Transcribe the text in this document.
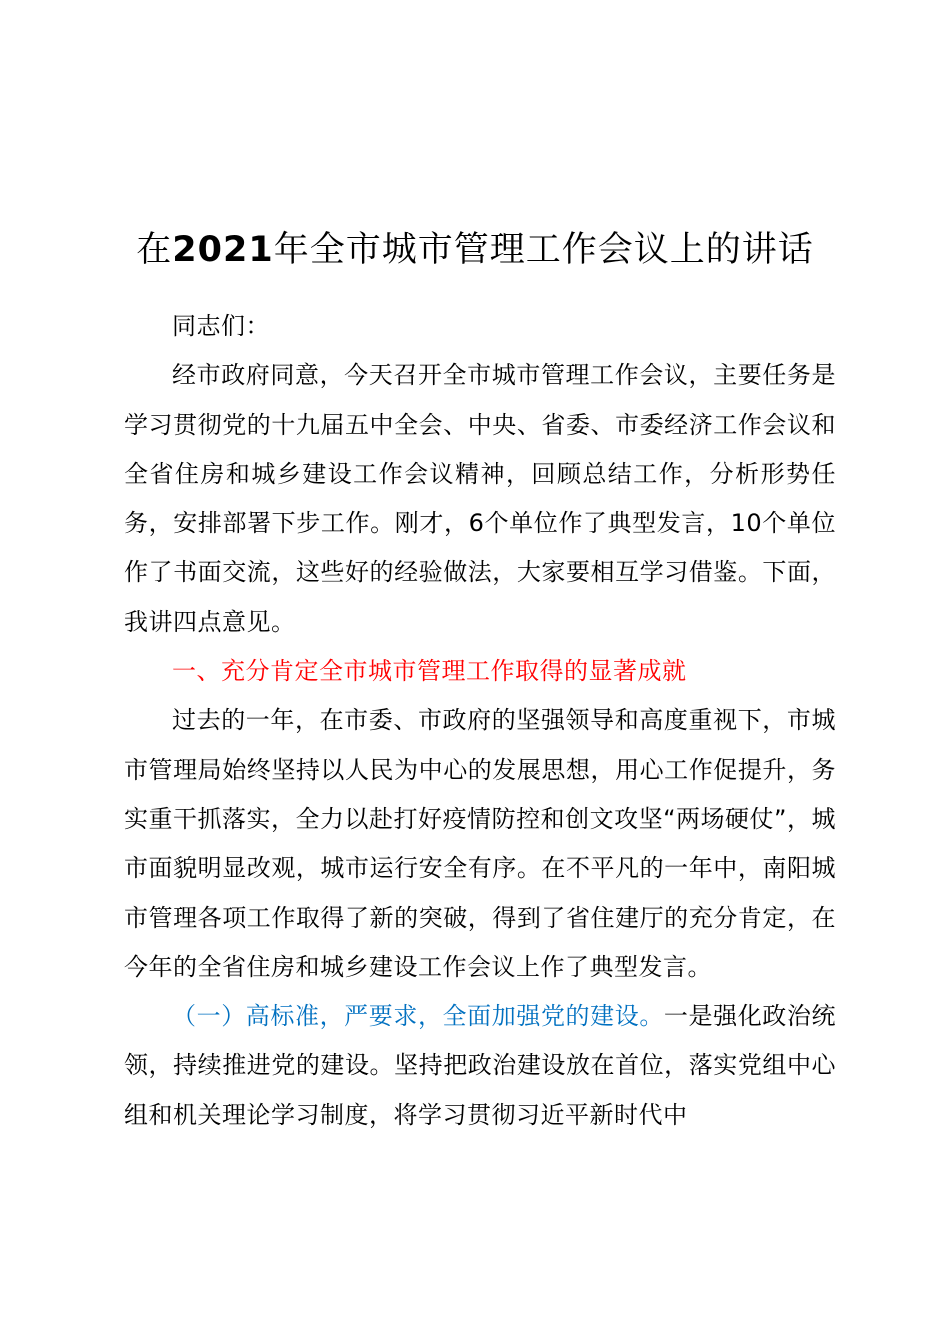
在2021年全市城市管理工作会议上的讲话

同志们：

经市政府同意，今天召开全市城市管理工作会议，主要任务是学习贯彻党的十九届五中全会、中央、省委、市委经济工作会议和全省住房和城乡建设工作会议精神，回顾总结工作，分析形势任务，安排部署下步工作。刚才，6个单位作了典型发言，10个单位作了书面交流，这些好的经验做法，大家要相互学习借鉴。下面，我讲四点意见。

一、充分肯定全市城市管理工作取得的显著成就

过去的一年，在市委、市政府的坚强领导和高度重视下，市城市管理局始终坚持以人民为中心的发展思想，用心工作促提升，务实重干抓落实，全力以赴打好疫情防控和创文攻坚“两场硬仗”，城市面貌明显改观，城市运行安全有序。在不平凡的一年中，南阳城市管理各项工作取得了新的突破，得到了省住建厅的充分肯定，在今年的全省住房和城乡建设工作会议上作了典型发言。

（一）高标准，严要求，全面加强党的建设。一是强化政治统领，持续推进党的建设。坚持把政治建设放在首位，落实党组中心组和机关理论学习制度，将学习贯彻习近平新时代中
